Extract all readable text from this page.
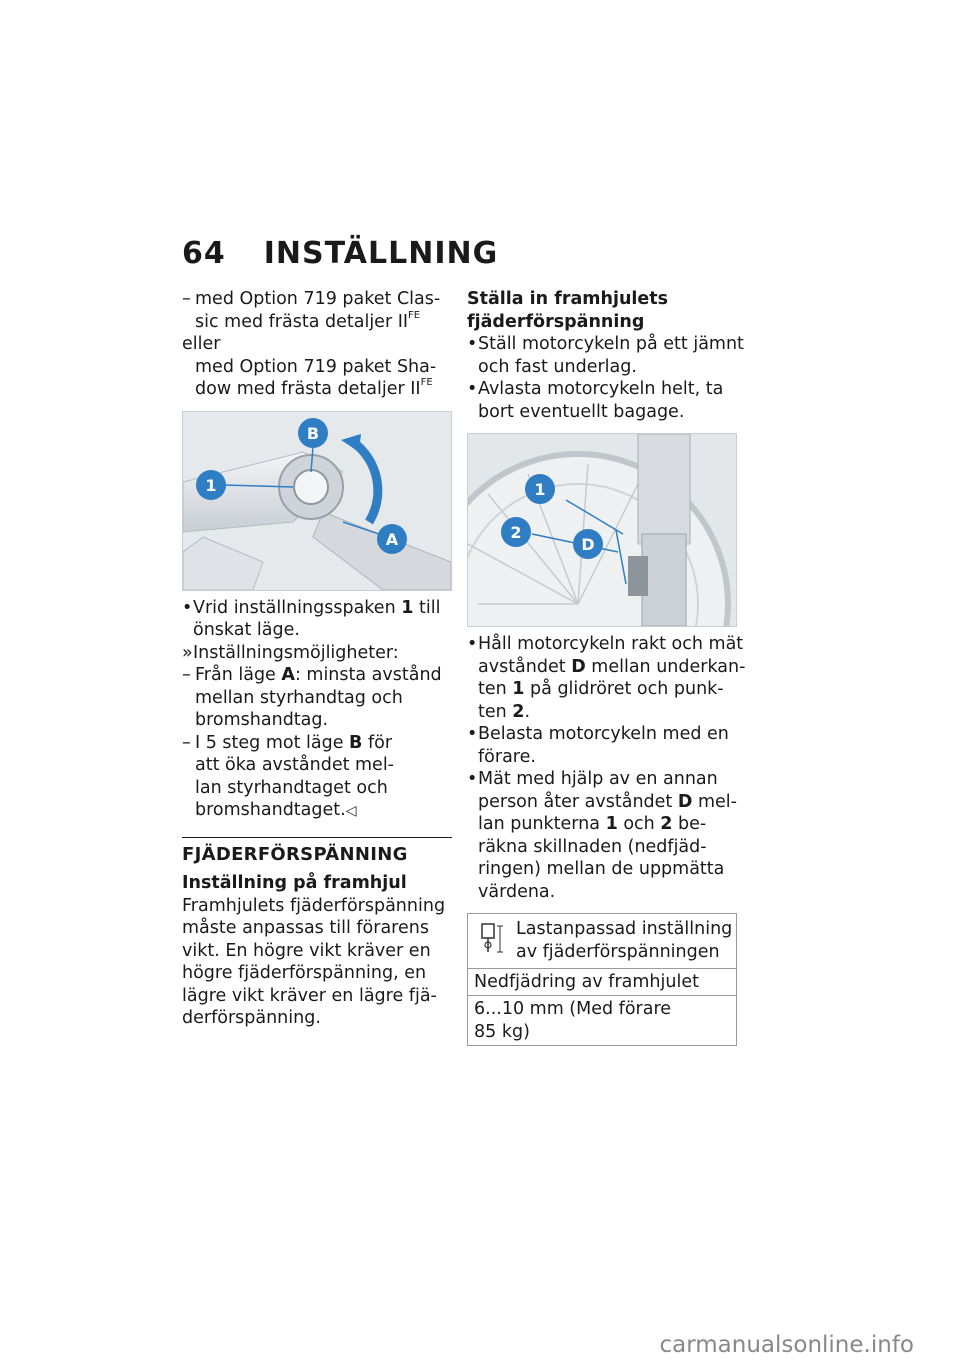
64 INSTÄLLNING
– med Option 719 paket Clas-
sic med frästa detaljer $II^{FE}$
eller
med Option 719 paket Sha-
dow med frästa detaljer $II^{FE}$
B
1
A
• Vrid inställningsspaken 1 till
önskat läge.
» Inställningsmöjligheter:
– Från läge A: minsta avstånd
mellan styrhandtag och
bromshandtag.
– I 5 steg mot läge B för
att öka avståndet mel-
lan styrhandtaget och
bromshandtaget.◁
FJÄDERFÖRSPÄNNING
Inställning på framhjul
Framhjulets fjäderförspänning
måste anpassas till förarens
vikt. En högre vikt kräver en
högre fjäderförspänning, en
lägre vikt kräver en lägre fjä-
derförspänning.
Ställa in framhjulets
fjäderförspänning
• Ställ motorcykeln på ett jämnt
och fast underlag.
• Avlasta motorcykeln helt, ta
bort eventuellt bagage.
1
2
D
• Håll motorcykeln rakt och mät
avståndet D mellan underkan-
ten 1 på glidröret och punk-
ten 2.
• Belasta motorcykeln med en
förare.
• Mät med hjälp av en annan
person åter avståndet D mel-
lan punkterna 1 och 2 be-
räkna skillnaden (nedfjäd-
ringen) mellan de uppmätta
värdena.
Lastanpassad inställning
av fjäderförspänningen
Nedfjädring av framhjulet
6...10 mm (Med förare
85 kg)
carmanualsonline.info
